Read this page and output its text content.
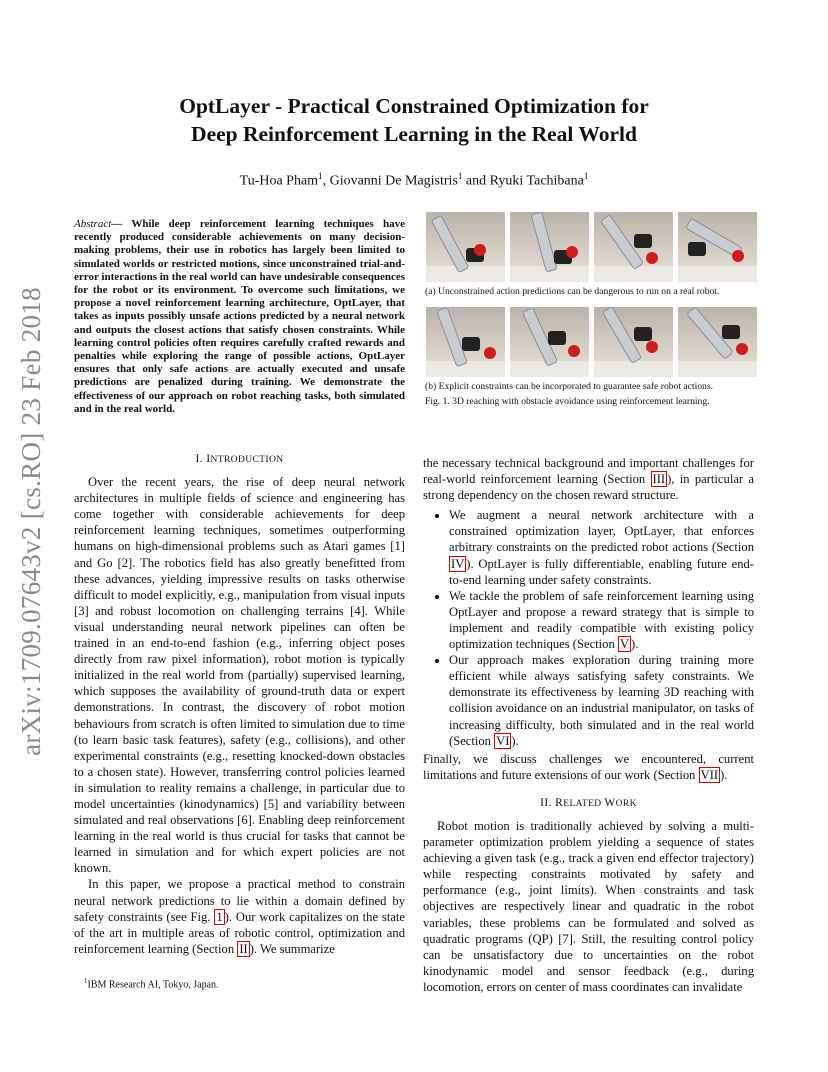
arXiv:1709.07643v2 [cs.RO] 23 Feb 2018
OptLayer - Practical Constrained Optimization for
Deep Reinforcement Learning in the Real World
Tu-Hoa Pham$^1$, Giovanni De Magistris$^1$ and Ryuki Tachibana$^1$
Abstract— While deep reinforcement learning techniques have recently produced considerable achievements on many decision-making problems, their use in robotics has largely been limited to simulated worlds or restricted motions, since unconstrained trial-and-error interactions in the real world can have undesirable consequences for the robot or its environment. To overcome such limitations, we propose a novel reinforcement learning architecture, OptLayer, that takes as inputs possibly unsafe actions predicted by a neural network and outputs the closest actions that satisfy chosen constraints. While learning control policies often requires carefully crafted rewards and penalties while exploring the range of possible actions, OptLayer ensures that only safe actions are actually executed and unsafe predictions are penalized during training. We demonstrate the effectiveness of our approach on robot reaching tasks, both simulated and in the real world.
I. INTRODUCTION

Over the recent years, the rise of deep neural network architectures in multiple fields of science and engineering has come together with considerable achievements for deep reinforcement learning techniques, sometimes outperforming humans on high-dimensional problems such as Atari games [1] and Go [2]. The robotics field has also greatly benefitted from these advances, yielding impressive results on tasks otherwise difficult to model explicitly, e.g., manipulation from visual inputs [3] and robust locomotion on challenging terrains [4]. While visual understanding neural network pipelines can often be trained in an end-to-end fashion (e.g., inferring object poses directly from raw pixel information), robot motion is typically initialized in the real world from (partially) supervised learning, which supposes the availability of ground-truth data or expert demonstrations. In contrast, the discovery of robot motion behaviours from scratch is often limited to simulation due to time (to learn basic task features), safety (e.g., collisions), and other experimental constraints (e.g., resetting knocked-down obstacles to a chosen state). However, transferring control policies learned in simulation to reality remains a challenge, in particular due to model uncertainties (kinodynamics) [5] and variability between simulated and real observations [6]. Enabling deep reinforcement learning in the real world is thus crucial for tasks that cannot be learned in simulation and for which expert policies are not known.

In this paper, we propose a practical method to constrain neural network predictions to lie within a domain defined by safety constraints (see Fig. 1 ). Our work capitalizes on the state of the art in multiple areas of robotic control, optimization and reinforcement learning (Section II ). We summarize

$^1$IBM Research AI, Tokyo, Japan.
(a) Unconstrained action predictions can be dangerous to run on a real robot.
(b) Explicit constraints can be incorporated to guarantee safe robot actions.
Fig. 1. 3D reaching with obstacle avoidance using reinforcement learning.

the necessary technical background and important challenges for real-world reinforcement learning (Section III ), in particular a strong dependency on the chosen reward structure.

• We augment a neural network architecture with a constrained optimization layer, OptLayer, that enforces arbitrary constraints on the predicted robot actions (Section IV ). OptLayer is fully differentiable, enabling future end-to-end learning under safety constraints.
• We tackle the problem of safe reinforcement learning using OptLayer and propose a reward strategy that is simple to implement and readily compatible with existing policy optimization techniques (Section V ).
• Our approach makes exploration during training more efficient while always satisfying safety constraints. We demonstrate its effectiveness by learning 3D reaching with collision avoidance on an industrial manipulator, on tasks of increasing difficulty, both simulated and in the real world (Section VI ).

Finally, we discuss challenges we encountered, current limitations and future extensions of our work (Section VII ).

II. RELATED WORK

Robot motion is traditionally achieved by solving a multi-parameter optimization problem yielding a sequence of states achieving a given task (e.g., track a given end effector trajectory) while respecting constraints motivated by safety and performance (e.g., joint limits). When constraints and task objectives are respectively linear and quadratic in the robot variables, these problems can be formulated and solved as quadratic programs (QP) [7]. Still, the resulting control policy can be unsatisfactory due to uncertainties on the robot kinodynamic model and sensor feedback (e.g., during locomotion, errors on center of mass coordinates can invalidate
